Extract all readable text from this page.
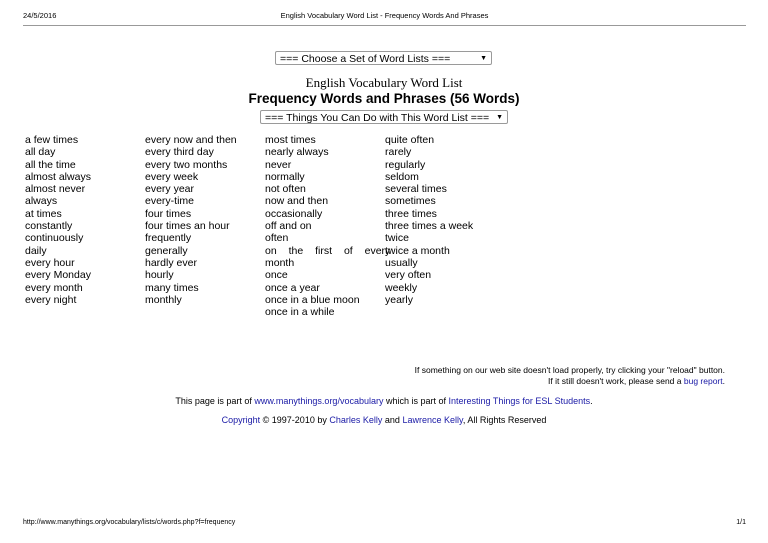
24/5/2016	English Vocabulary Word List - Frequency Words And Phrases
=== Choose a Set of Word Lists ===	▼
English Vocabulary Word List
Frequency Words and Phrases (56 Words)
=== Things You Can Do with This Word List === ▼
a few times
all day
all the time
almost always
almost never
always
at times
constantly
continuously
daily
every hour
every Monday
every month
every night
every now and then
every third day
every two months
every week
every year
every-time
four times
four times an hour
frequently
generally
hardly ever
hourly
many times
monthly
most times
nearly always
never
normally
not often
now and then
occasionally
off and on
often
on the first of every
month
once
once a year
once in a blue moon
once in a while
quite often
rarely
regularly
seldom
several times
sometimes
three times
three times a week
twice
twice a month
usually
very often
weekly
yearly
If something on our web site doesn't load properly, try clicking your "reload" button.
If it still doesn't work, please send a bug report.
This page is part of www.manythings.org/vocabulary which is part of Interesting Things for ESL Students.
Copyright © 1997-2010 by Charles Kelly and Lawrence Kelly, All Rights Reserved
http://www.manythings.org/vocabulary/lists/c/words.php?f=frequency	1/1
